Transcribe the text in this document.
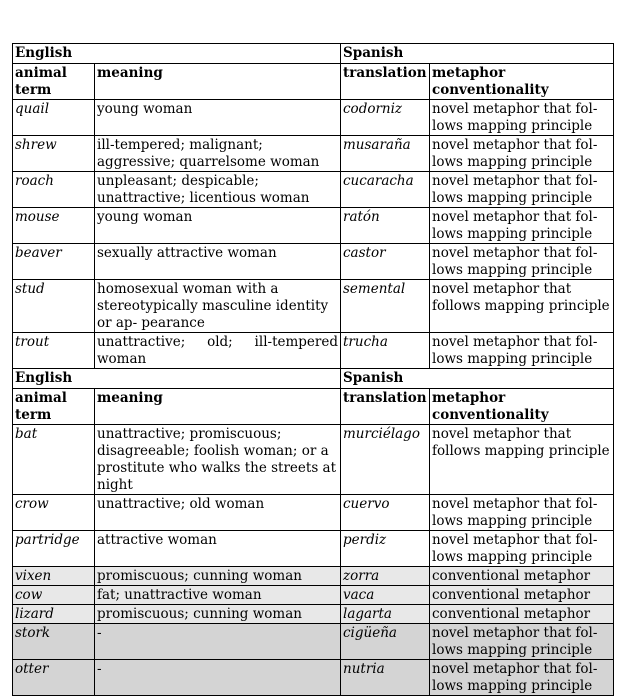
English		Spanish	
animal term	meaning	translation	metaphor conventionality
quail	young woman	codorniz	novel metaphor that fol- lows mapping principle
shrew	ill-tempered; malignant; aggressive; quarrelsome woman	musaraña	novel metaphor that fol- lows mapping principle
roach	unpleasant; despicable; unattractive; licentious woman	cucaracha	novel metaphor that fol- lows mapping principle
mouse	young woman	ratón	novel metaphor that fol- lows mapping principle
beaver	sexually attractive woman	castor	novel metaphor that fol- lows mapping principle
stud	homosexual woman with a stereotypically masculine identity or ap- pearance	semental	novel metaphor that follows mapping principle
trout	unattractive; old; ill-tempered woman	trucha	novel metaphor that fol- lows mapping principle
English		Spanish	
animal term	meaning	translation	metaphor conventionality
bat	unattractive; promiscuous; disagreeable; foolish woman; or a prostitute who walks the streets at night	murciélago	novel metaphor that follows mapping principle
crow	unattractive; old woman	cuervo	novel metaphor that fol- lows mapping principle
partridge	attractive woman	perdiz	novel metaphor that fol- lows mapping principle
vixen	promiscuous; cunning woman	zorra	conventional metaphor
cow	fat; unattractive woman	vaca	conventional metaphor
lizard	promiscuous; cunning woman	lagarta	conventional metaphor
stork	-	cigüeña	novel metaphor that fol- lows mapping principle
otter	-	nutria	novel metaphor that fol- lows mapping principle
